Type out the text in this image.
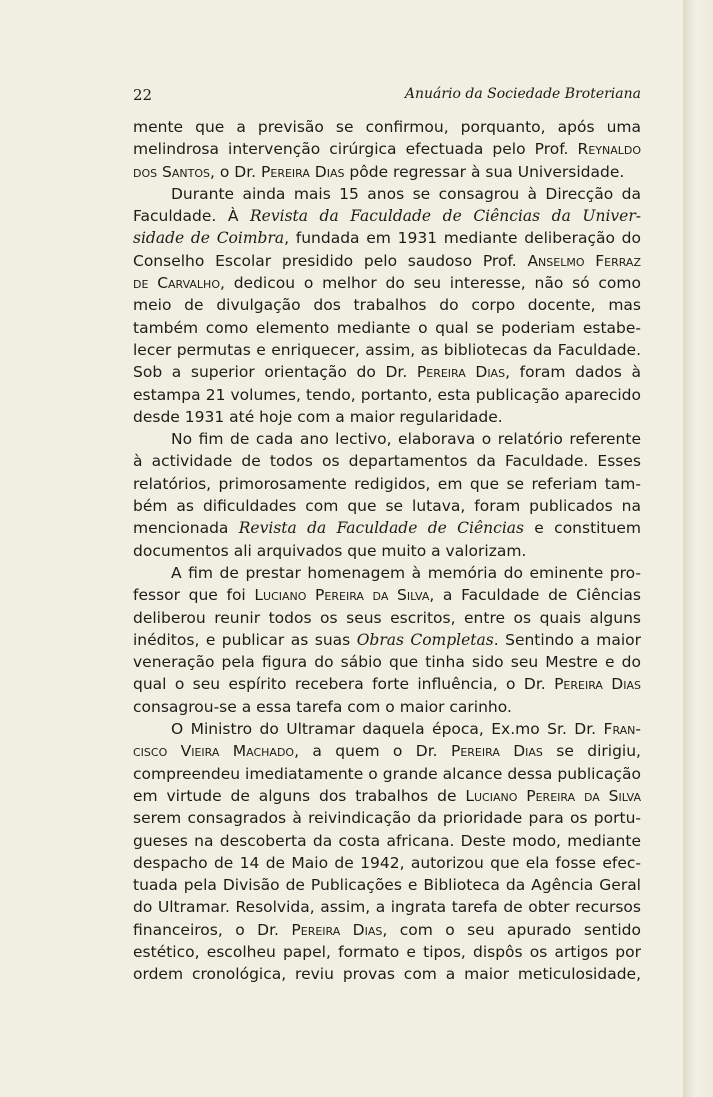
22	Anuário da Sociedade Broteriana
mente que a previsão se confirmou, porquanto, após uma
melindrosa intervenção cirúrgica efectuada pelo Prof. Reynaldo
dos Santos, o Dr. Pereira Dias pôde regressar à sua Universidade.
Durante ainda mais 15 anos se consagrou à Direcção da
Faculdade. À Revista da Faculdade de Ciências da Univer-
sidade de Coimbra, fundada em 1931 mediante deliberação do
Conselho Escolar presidido pelo saudoso Prof. Anselmo Ferraz
de Carvalho, dedicou o melhor do seu interesse, não só como
meio de divulgação dos trabalhos do corpo docente, mas
também como elemento mediante o qual se poderiam estabe-
lecer permutas e enriquecer, assim, as bibliotecas da Faculdade.
Sob a superior orientação do Dr. Pereira Dias, foram dados à
estampa 21 volumes, tendo, portanto, esta publicação aparecido
desde 1931 até hoje com a maior regularidade.
No fim de cada ano lectivo, elaborava o relatório referente
à actividade de todos os departamentos da Faculdade. Esses
relatórios, primorosamente redigidos, em que se referiam tam-
bém as dificuldades com que se lutava, foram publicados na
mencionada Revista da Faculdade de Ciências e constituem
documentos ali arquivados que muito a valorizam.
A fim de prestar homenagem à memória do eminente pro-
fessor que foi Luciano Pereira da Silva, a Faculdade de Ciências
deliberou reunir todos os seus escritos, entre os quais alguns
inéditos, e publicar as suas Obras Completas. Sentindo a maior
veneração pela figura do sábio que tinha sido seu Mestre e do
qual o seu espírito recebera forte influência, o Dr. Pereira Dias
consagrou-se a essa tarefa com o maior carinho.
O Ministro do Ultramar daquela época, Ex.mo Sr. Dr. Fran-
cisco Vieira Machado, a quem o Dr. Pereira Dias se dirigiu,
compreendeu imediatamente o grande alcance dessa publicação
em virtude de alguns dos trabalhos de Luciano Pereira da Silva
serem consagrados à reivindicação da prioridade para os portu-
gueses na descoberta da costa africana. Deste modo, mediante
despacho de 14 de Maio de 1942, autorizou que ela fosse efec-
tuada pela Divisão de Publicações e Biblioteca da Agência Geral
do Ultramar. Resolvida, assim, a ingrata tarefa de obter recursos
financeiros, o Dr. Pereira Dias, com o seu apurado sentido
estético, escolheu papel, formato e tipos, dispôs os artigos por
ordem cronológica, reviu provas com a maior meticulosidade,
